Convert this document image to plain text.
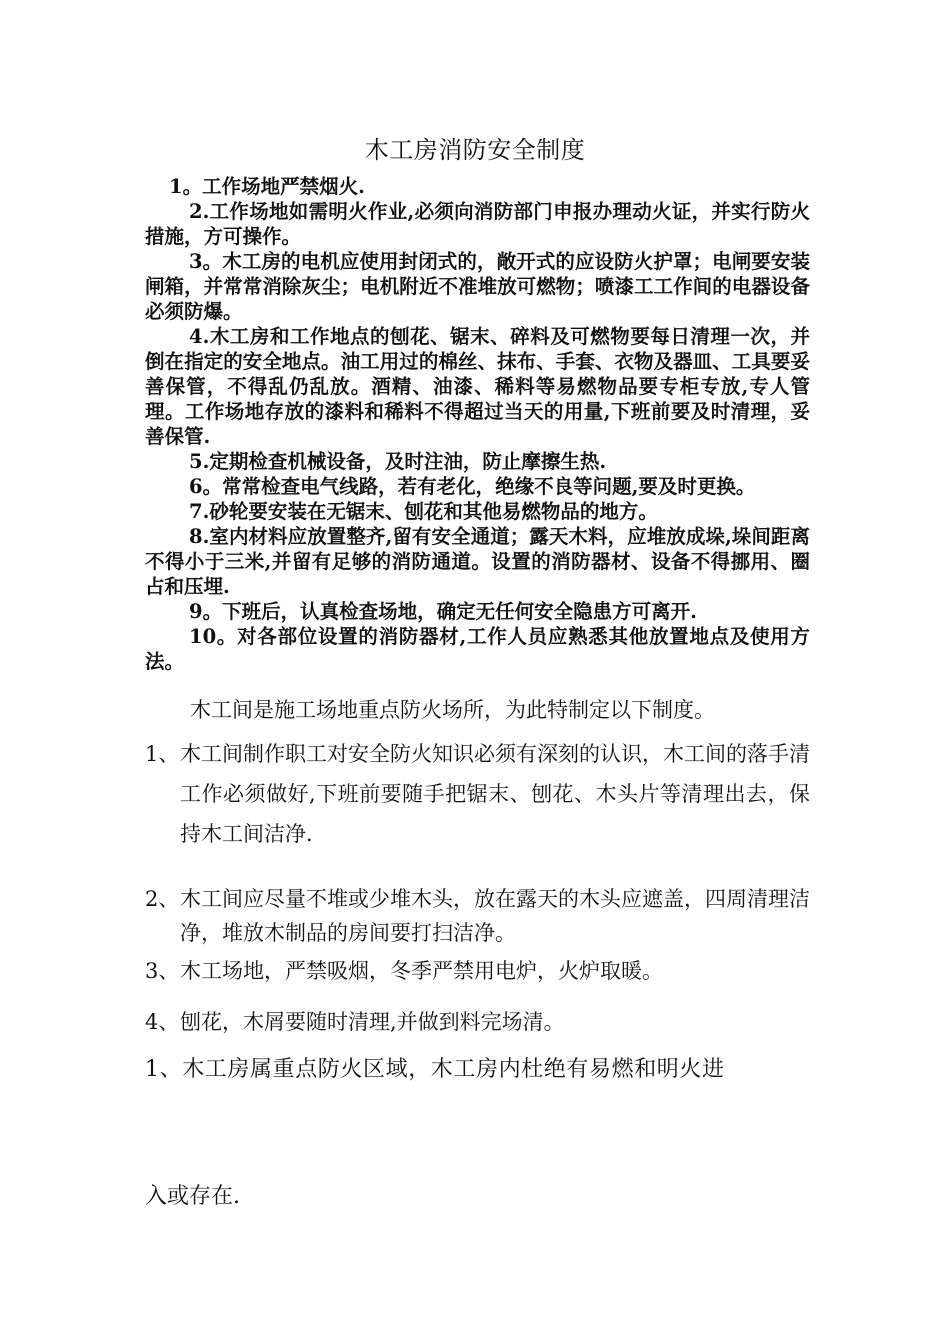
木工房消防安全制度

1。工作场地严禁烟火.

2.工作场地如需明火作业,必须向消防部门申报办理动火证，并实行防火措施，方可操作。

3。木工房的电机应使用封闭式的，敞开式的应设防火护罩；电闸要安装闸箱，并常常消除灰尘；电机附近不准堆放可燃物；喷漆工工作间的电器设备必须防爆。

4.木工房和工作地点的刨花、锯末、碎料及可燃物要每日清理一次，并倒在指定的安全地点。油工用过的棉丝、抹布、手套、衣物及器皿、工具要妥善保管，不得乱仍乱放。酒精、油漆、稀料等易燃物品要专柜专放,专人管理。工作场地存放的漆料和稀料不得超过当天的用量,下班前要及时清理，妥善保管.

5.定期检查机械设备，及时注油，防止摩擦生热.

6。常常检查电气线路，若有老化，绝缘不良等问题,要及时更换。

7.砂轮要安装在无锯末、刨花和其他易燃物品的地方。

8.室内材料应放置整齐,留有安全通道；露天木料，应堆放成垛,垛间距离不得小于三米,并留有足够的消防通道。设置的消防器材、设备不得挪用、圈占和压埋.

9。下班后，认真检查场地，确定无任何安全隐患方可离开.

10。对各部位设置的消防器材,工作人员应熟悉其他放置地点及使用方法。

木工间是施工场地重点防火场所，为此特制定以下制度。
1、 木工间制作职工对安全防火知识必须有深刻的认识，木工间的落手清工作必须做好,下班前要随手把锯末、刨花、木头片等清理出去，保持木工间洁净.
2、 木工间应尽量不堆或少堆木头，放在露天的木头应遮盖，四周清理洁净，堆放木制品的房间要打扫洁净。
3、 木工场地，严禁吸烟，冬季严禁用电炉，火炉取暖。
4、 刨花，木屑要随时清理,并做到料完场清。
1、木工房属重点防火区域，木工房内杜绝有易燃和明火进
入或存在.
